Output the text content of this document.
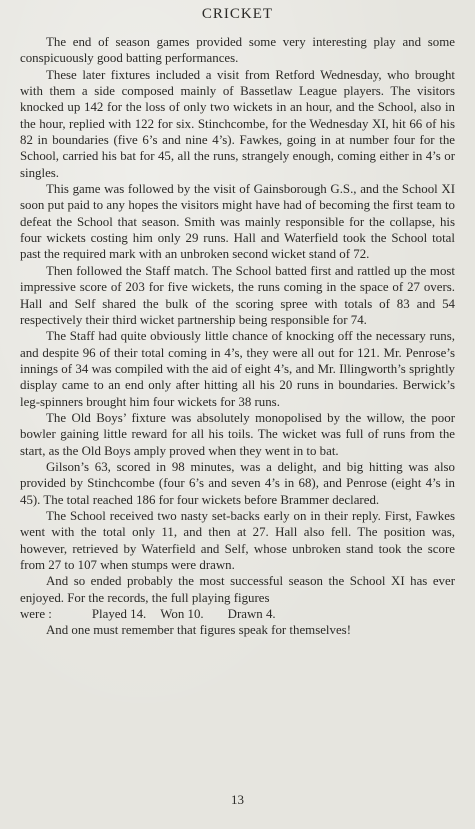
CRICKET

The end of season games provided some very interesting play and some conspicuously good batting performances.

These later fixtures included a visit from Retford Wednesday, who brought with them a side composed mainly of Bassetlaw League players. The visitors knocked up 142 for the loss of only two wickets in an hour, and the School, also in the hour, replied with 122 for six. Stinchcombe, for the Wednesday XI, hit 66 of his 82 in boundaries (five 6’s and nine 4’s). Fawkes, going in at number four for the School, carried his bat for 45, all the runs, strangely enough, coming either in 4’s or singles.

This game was followed by the visit of Gainsborough G.S., and the School XI soon put paid to any hopes the visitors might have had of becoming the first team to defeat the School that season. Smith was mainly responsible for the collapse, his four wickets costing him only 29 runs. Hall and Waterfield took the School total past the required mark with an unbroken second wicket stand of 72.

Then followed the Staff match. The School batted first and rattled up the most impressive score of 203 for five wickets, the runs coming in the space of 27 overs. Hall and Self shared the bulk of the scoring spree with totals of 83 and 54 respectively their third wicket partnership being responsible for 74.

The Staff had quite obviously little chance of knocking off the necessary runs, and despite 96 of their total coming in 4’s, they were all out for 121. Mr. Penrose’s innings of 34 was compiled with the aid of eight 4’s, and Mr. Illingworth’s sprightly display came to an end only after hitting all his 20 runs in boundaries. Berwick’s leg-spinners brought him four wickets for 38 runs.

The Old Boys’ fixture was absolutely monopolised by the willow, the poor bowler gaining little reward for all his toils. The wicket was full of runs from the start, as the Old Boys amply proved when they went in to bat.

Gilson’s 63, scored in 98 minutes, was a delight, and big hitting was also provided by Stinchcombe (four 6’s and seven 4’s in 68), and Penrose (eight 4’s in 45). The total reached 186 for four wickets before Brammer declared.

The School received two nasty set-backs early on in their reply. First, Fawkes went with the total only 11, and then at 27. Hall also fell. The position was, however, retrieved by Waterfield and Self, whose unbroken stand took the score from 27 to 107 when stumps were drawn.

And so ended probably the most successful season the School XI has ever enjoyed. For the records, the full playing figures

were :	Played 14. Won 10. Drawn 4.

And one must remember that figures speak for themselves!

13
